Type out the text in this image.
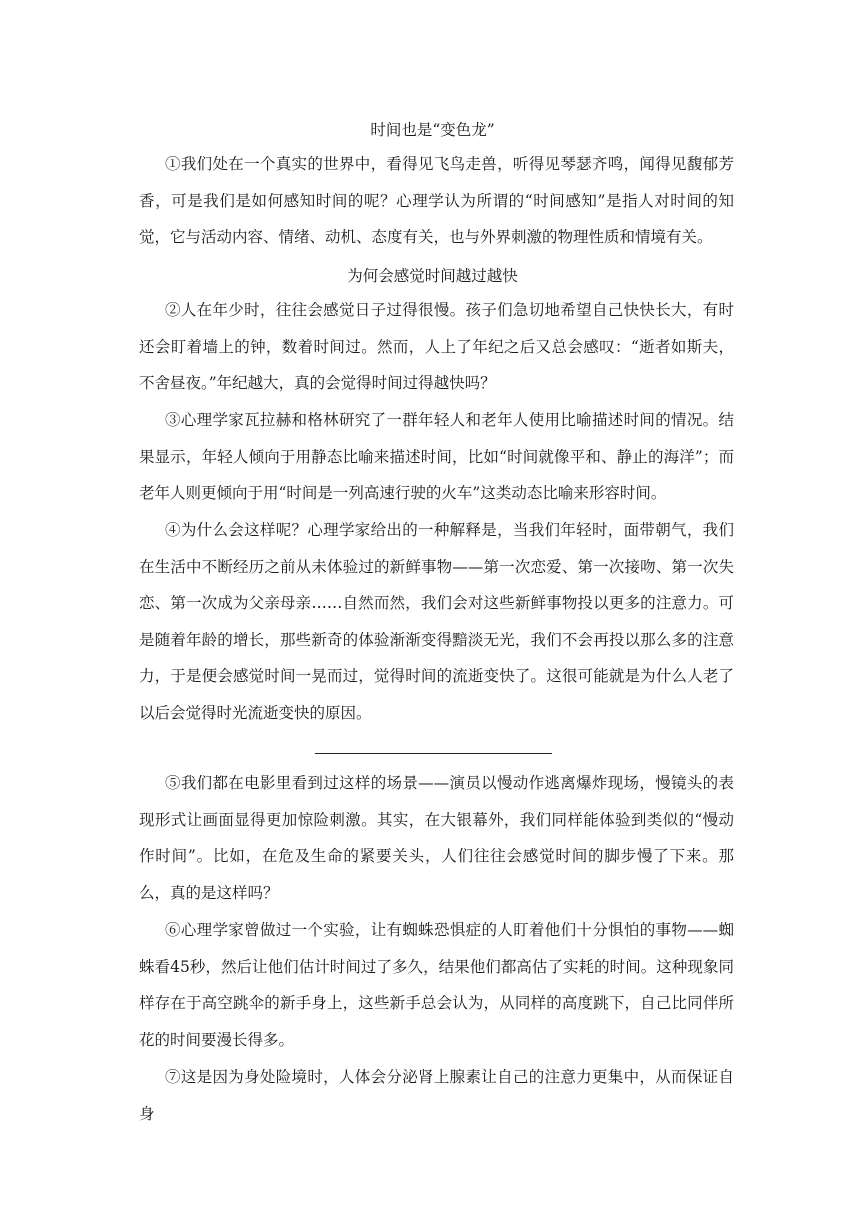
时间也是“变色龙”

①我们处在一个真实的世界中，看得见飞鸟走兽，听得见琴瑟齐鸣，闻得见馥郁芳香，可是我们是如何感知时间的呢？心理学认为所谓的“时间感知”是指人对时间的知觉，它与活动内容、情绪、动机、态度有关，也与外界刺激的物理性质和情境有关。

为何会感觉时间越过越快

②人在年少时，往往会感觉日子过得很慢。孩子们急切地希望自己快快长大，有时还会盯着墙上的钟，数着时间过。然而，人上了年纪之后又总会感叹：“逝者如斯夫，不舍昼夜。”年纪越大，真的会觉得时间过得越快吗？

③心理学家瓦拉赫和格林研究了一群年轻人和老年人使用比喻描述时间的情况。结果显示，年轻人倾向于用静态比喻来描述时间，比如“时间就像平和、静止的海洋”；而老年人则更倾向于用“时间是一列高速行驶的火车”这类动态比喻来形容时间。

④为什么会这样呢？心理学家给出的一种解释是，当我们年轻时，面带朝气，我们在生活中不断经历之前从未体验过的新鲜事物——第一次恋爱、第一次接吻、第一次失恋、第一次成为父亲母亲……自然而然，我们会对这些新鲜事物投以更多的注意力。可是随着年龄的增长，那些新奇的体验渐渐变得黯淡无光，我们不会再投以那么多的注意力，于是便会感觉时间一晃而过，觉得时间的流逝变快了。这很可能就是为什么人老了以后会觉得时光流逝变快的原因。

⑤我们都在电影里看到过这样的场景——演员以慢动作逃离爆炸现场，慢镜头的表现形式让画面显得更加惊险刺激。其实，在大银幕外，我们同样能体验到类似的“慢动作时间”。比如，在危及生命的紧要关头，人们往往会感觉时间的脚步慢了下来。那么，真的是这样吗？

⑥心理学家曾做过一个实验，让有蜘蛛恐惧症的人盯着他们十分惧怕的事物——蜘蛛看45秒，然后让他们估计时间过了多久，结果他们都高估了实耗的时间。这种现象同样存在于高空跳伞的新手身上，这些新手总会认为，从同样的高度跳下，自己比同伴所花的时间要漫长得多。

⑦这是因为身处险境时，人体会分泌肾上腺素让自己的注意力更集中，从而保证自身
